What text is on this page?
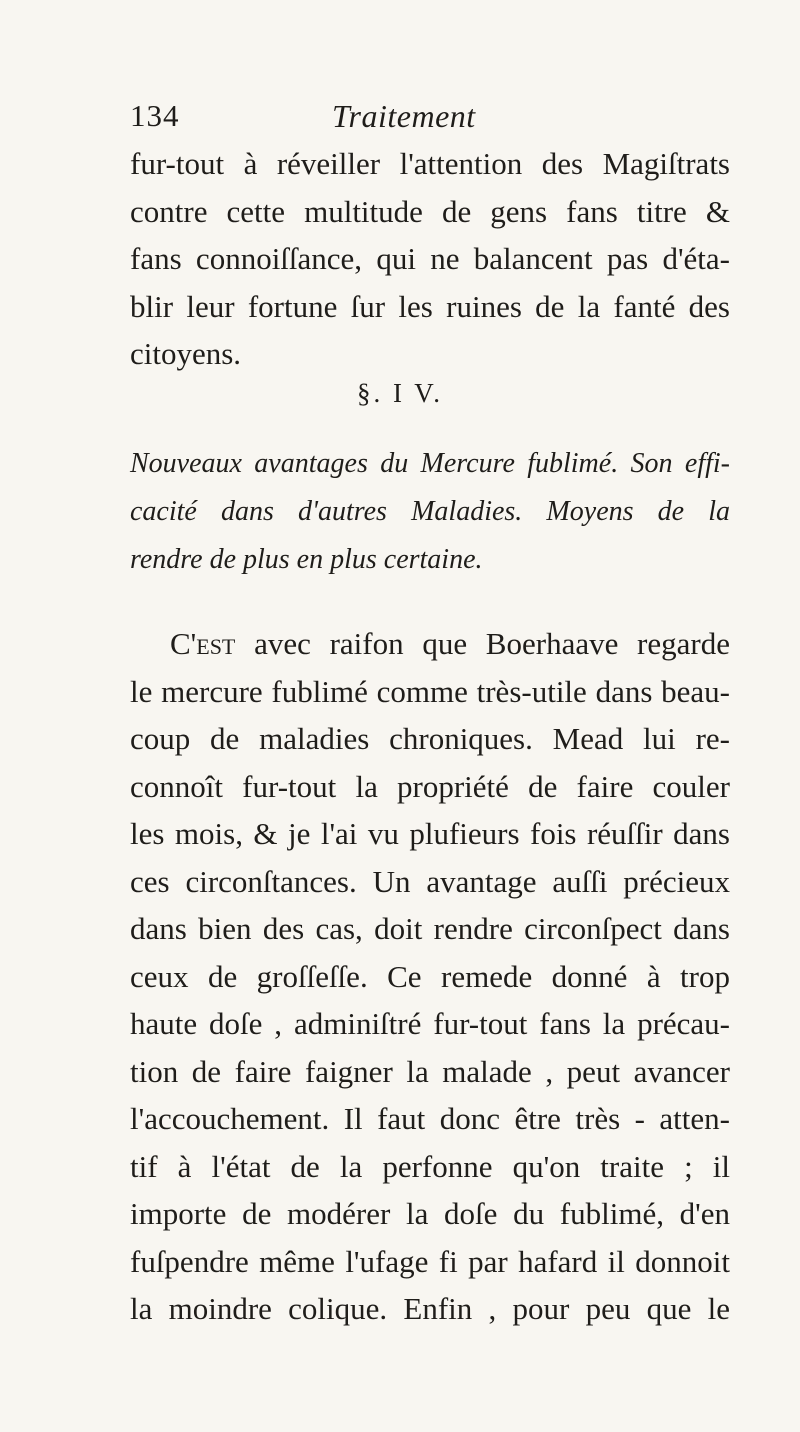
134	Traitement
fur-tout à réveiller l'attention des Magiſtrats
contre cette multitude de gens fans titre &
fans connoiſſance, qui ne balancent pas d'éta-
blir leur fortune ſur les ruines de la fanté des
citoyens.
§. I V.
Nouveaux avantages du Mercure fublimé. Son effi-
cacité dans d'autres Maladies. Moyens de la
rendre de plus en plus certaine.
C'est avec raifon que Boerhaave regarde
le mercure fublimé comme très-utile dans beau-
coup de maladies chroniques. Mead lui re-
connoît fur-tout la propriété de faire couler
les mois, & je l'ai vu plufieurs fois réuſſir dans
ces circonſtances. Un avantage auſſi précieux
dans bien des cas, doit rendre circonſpect dans
ceux de groſſeſſe. Ce remede donné à trop
haute doſe , adminiſtré fur-tout fans la précau-
tion de faire faigner la malade , peut avancer
l'accouchement. Il faut donc être très - atten-
tif à l'état de la perfonne qu'on traite ; il
importe de modérer la doſe du fublimé, d'en
fuſpendre même l'ufage fi par hafard il donnoit
la moindre colique. Enfin , pour peu que le
